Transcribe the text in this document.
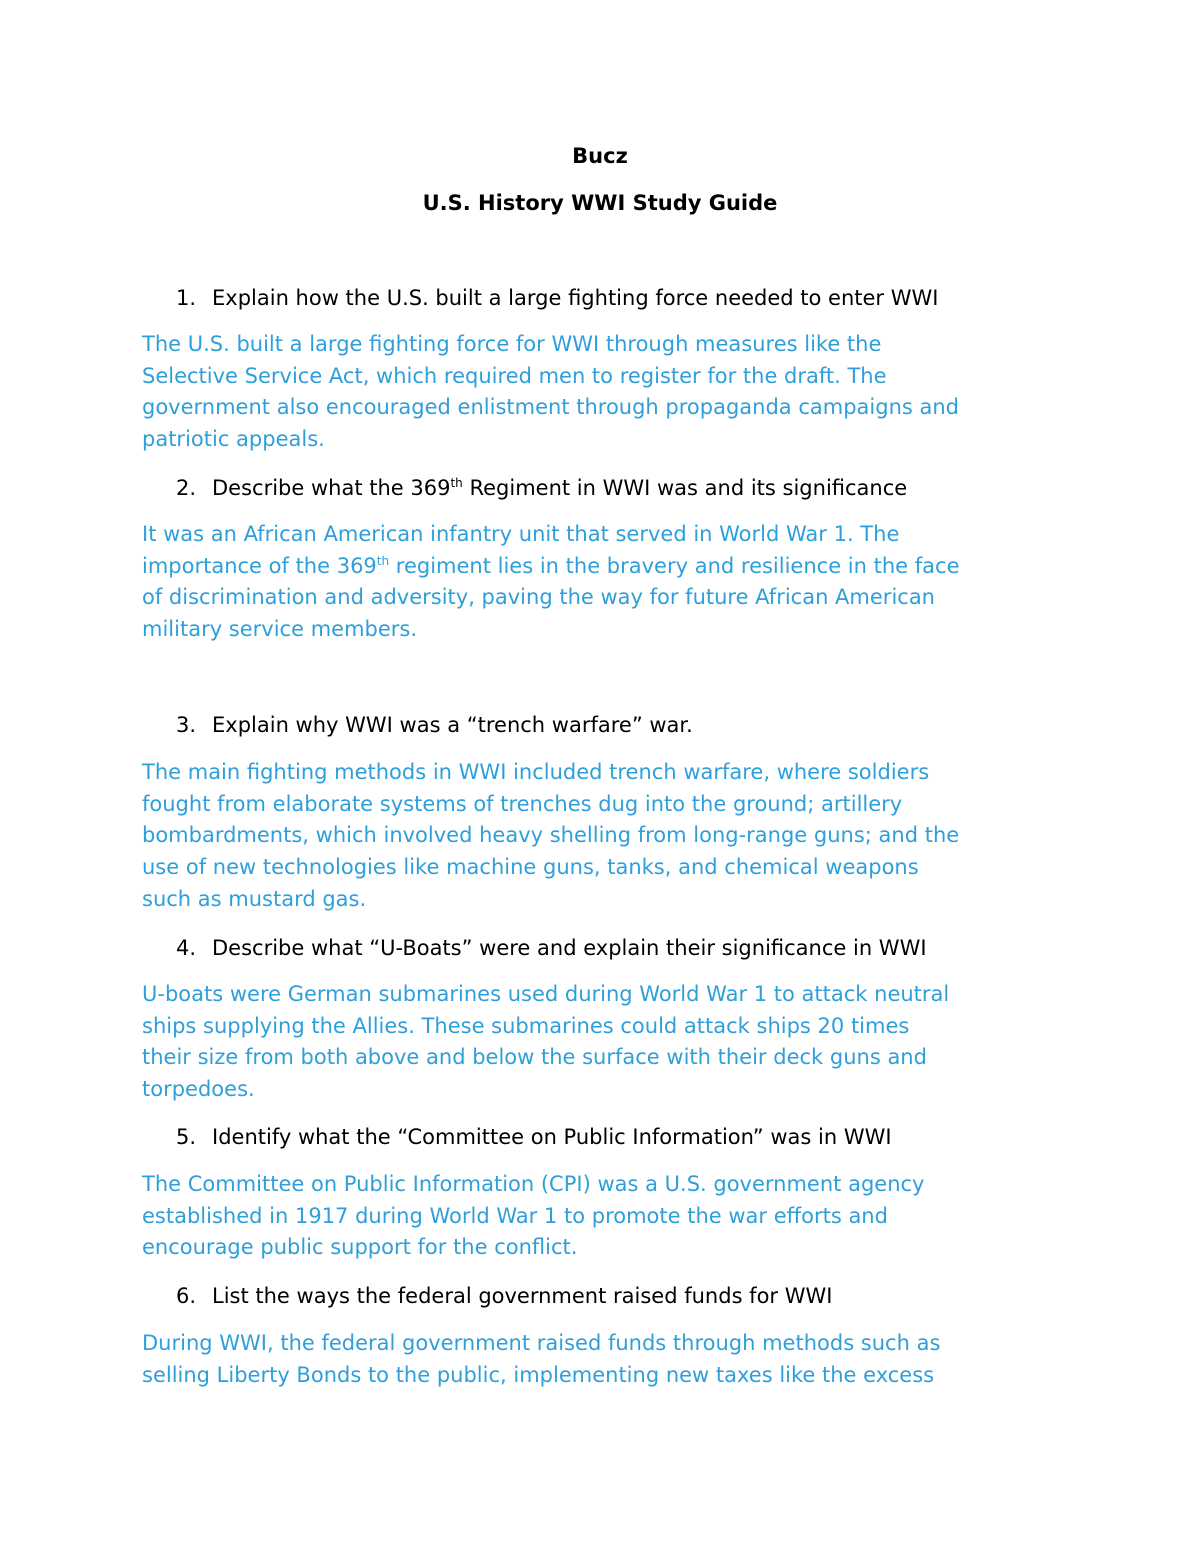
Bucz
U.S. History WWI Study Guide
1. Explain how the U.S. built a large fighting force needed to enter WWI
The U.S. built a large fighting force for WWI through measures like the
Selective Service Act, which required men to register for the draft. The
government also encouraged enlistment through propaganda campaigns and
patriotic appeals.
2. Describe what the 369th Regiment in WWI was and its significance
It was an African American infantry unit that served in World War 1. The
importance of the 369th regiment lies in the bravery and resilience in the face
of discrimination and adversity, paving the way for future African American
military service members.
3. Explain why WWI was a “trench warfare” war.
The main fighting methods in WWI included trench warfare, where soldiers
fought from elaborate systems of trenches dug into the ground; artillery
bombardments, which involved heavy shelling from long-range guns; and the
use of new technologies like machine guns, tanks, and chemical weapons
such as mustard gas.
4. Describe what “U-Boats” were and explain their significance in WWI
U-boats were German submarines used during World War 1 to attack neutral
ships supplying the Allies. These submarines could attack ships 20 times
their size from both above and below the surface with their deck guns and
torpedoes.
5. Identify what the “Committee on Public Information” was in WWI
The Committee on Public Information (CPI) was a U.S. government agency
established in 1917 during World War 1 to promote the war efforts and
encourage public support for the conflict.
6. List the ways the federal government raised funds for WWI
During WWI, the federal government raised funds through methods such as
selling Liberty Bonds to the public, implementing new taxes like the excess
